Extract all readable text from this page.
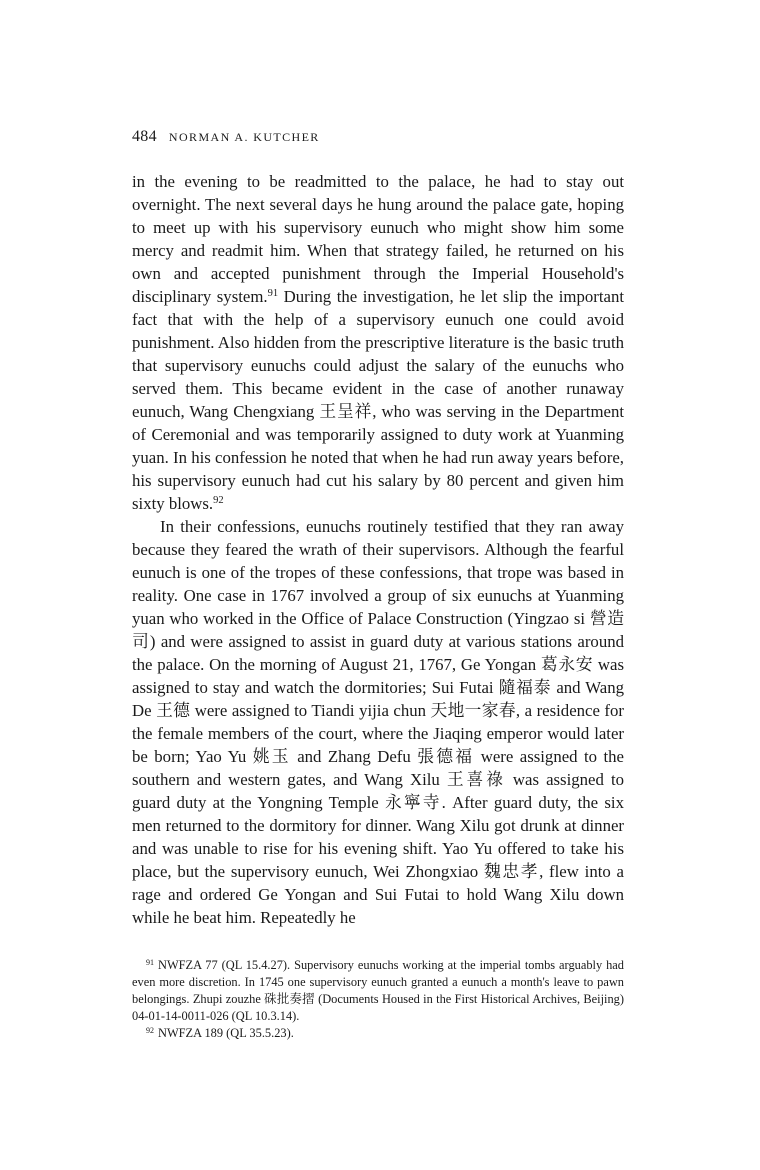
484 NORMAN A. KUTCHER

in the evening to be readmitted to the palace, he had to stay out overnight. The next several days he hung around the palace gate, hoping to meet up with his supervisory eunuch who might show him some mercy and readmit him. When that strategy failed, he returned on his own and accepted punishment through the Imperial Household's disciplinary system.$^{91}$ During the investigation, he let slip the important fact that with the help of a supervisory eunuch one could avoid punishment. Also hidden from the prescriptive literature is the basic truth that supervisory eunuchs could adjust the salary of the eunuchs who served them. This became evident in the case of another runaway eunuch, Wang Chengxiang 王呈祥, who was serving in the Department of Ceremonial and was temporarily assigned to duty work at Yuanming yuan. In his confession he noted that when he had run away years before, his supervisory eunuch had cut his salary by 80 percent and given him sixty blows.$^{92}$

In their confessions, eunuchs routinely testified that they ran away because they feared the wrath of their supervisors. Although the fearful eunuch is one of the tropes of these confessions, that trope was based in reality. One case in 1767 involved a group of six eunuchs at Yuanming yuan who worked in the Office of Palace Construction (Yingzao si 營造司) and were assigned to assist in guard duty at various stations around the palace. On the morning of August 21, 1767, Ge Yongan 葛永安 was assigned to stay and watch the dormitories; Sui Futai 隨福泰 and Wang De 王德 were assigned to Tiandi yijia chun 天地一家春, a residence for the female members of the court, where the Jiaqing emperor would later be born; Yao Yu 姚玉 and Zhang Defu 張德福 were assigned to the southern and western gates, and Wang Xilu 王喜祿 was assigned to guard duty at the Yongning Temple 永寧寺. After guard duty, the six men returned to the dormitory for dinner. Wang Xilu got drunk at dinner and was unable to rise for his evening shift. Yao Yu offered to take his place, but the supervisory eunuch, Wei Zhongxiao 魏忠孝, flew into a rage and ordered Ge Yongan and Sui Futai to hold Wang Xilu down while he beat him. Repeatedly he

$^{91}$ NWFZA 77 (QL 15.4.27). Supervisory eunuchs working at the imperial tombs arguably had even more discretion. In 1745 one supervisory eunuch granted a eunuch a month's leave to pawn belongings. Zhupi zouzhe 硃批奏摺 (Documents Housed in the First Historical Archives, Beijing) 04-01-14-0011-026 (QL 10.3.14).

$^{92}$ NWFZA 189 (QL 35.5.23).
